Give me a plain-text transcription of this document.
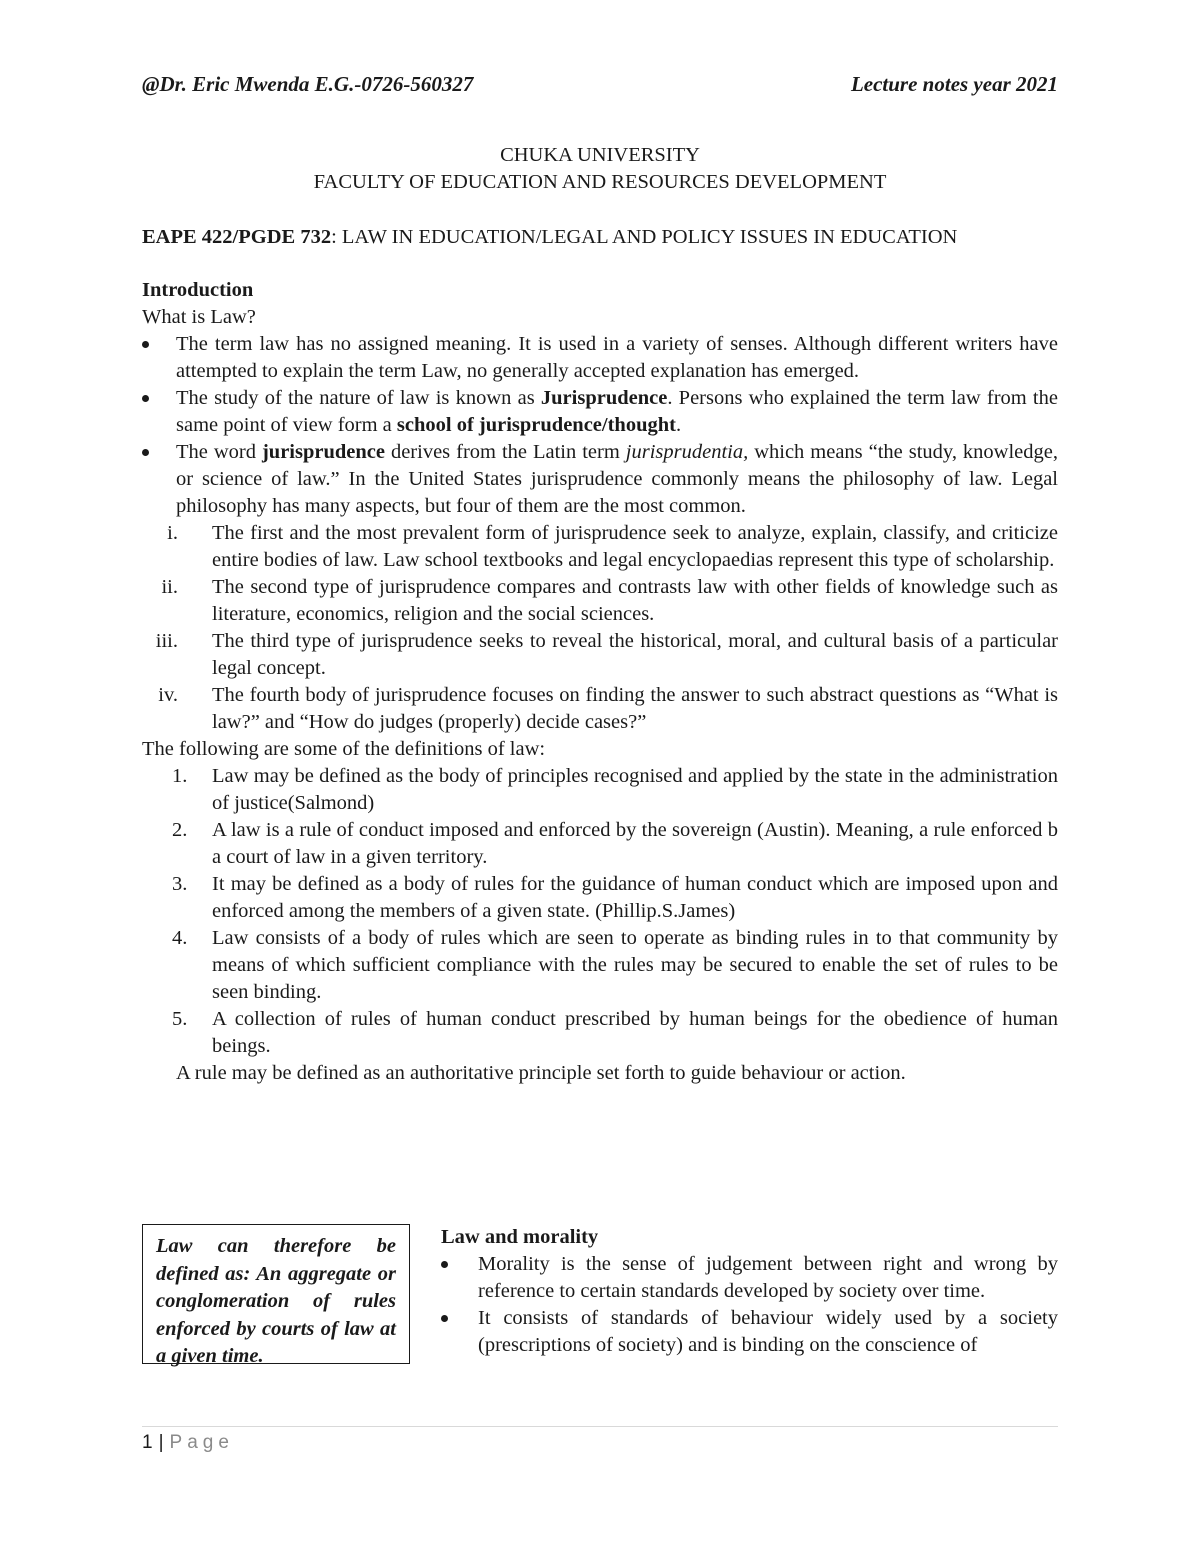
@Dr. Eric Mwenda E.G.-0726-560327	Lecture notes year 2021
CHUKA UNIVERSITY
FACULTY OF EDUCATION AND RESOURCES DEVELOPMENT

EAPE 422/PGDE 732: LAW IN EDUCATION/LEGAL AND POLICY ISSUES IN EDUCATION

Introduction

What is Law?

The term law has no assigned meaning. It is used in a variety of senses. Although different writers have attempted to explain the term Law, no generally accepted explanation has emerged.
The study of the nature of law is known as Jurisprudence. Persons who explained the term law from the same point of view form a school of jurisprudence/thought.
The word jurisprudence derives from the Latin term jurisprudentia, which means “the study, knowledge, or science of law.” In the United States jurisprudence commonly means the philosophy of law. Legal philosophy has many aspects, but four of them are the most common.
i. The first and the most prevalent form of jurisprudence seek to analyze, explain, classify, and criticize entire bodies of law. Law school textbooks and legal encyclopaedias represent this type of scholarship.
ii. The second type of jurisprudence compares and contrasts law with other fields of knowledge such as literature, economics, religion and the social sciences.
iii. The third type of jurisprudence seeks to reveal the historical, moral, and cultural basis of a particular legal concept.
iv. The fourth body of jurisprudence focuses on finding the answer to such abstract questions as “What is law?” and “How do judges (properly) decide cases?”

The following are some of the definitions of law:

1.	Law may be defined as the body of principles recognised and applied by the state in the administration of justice(Salmond)
2.	A law is a rule of conduct imposed and enforced by the sovereign (Austin). Meaning, a rule enforced b a court of law in a given territory.
3.	It may be defined as a body of rules for the guidance of human conduct which are imposed upon and enforced among the members of a given state. (Phillip.S.James)
4.	Law consists of a body of rules which are seen to operate as binding rules in to that community by means of which sufficient compliance with the rules may be secured to enable the set of rules to be seen binding.
5.	A collection of rules of human conduct prescribed by human beings for the obedience of human beings.

A rule may be defined as an authoritative principle set forth to guide behaviour or action.

Law can therefore be defined as: An aggregate or conglomeration of rules enforced by courts of law at a given time.

Law and morality

Morality is the sense of judgement between right and wrong by reference to certain standards developed by society over time.
It consists of standards of behaviour widely used by a society (prescriptions of society) and is binding on the conscience of
1 | Page
